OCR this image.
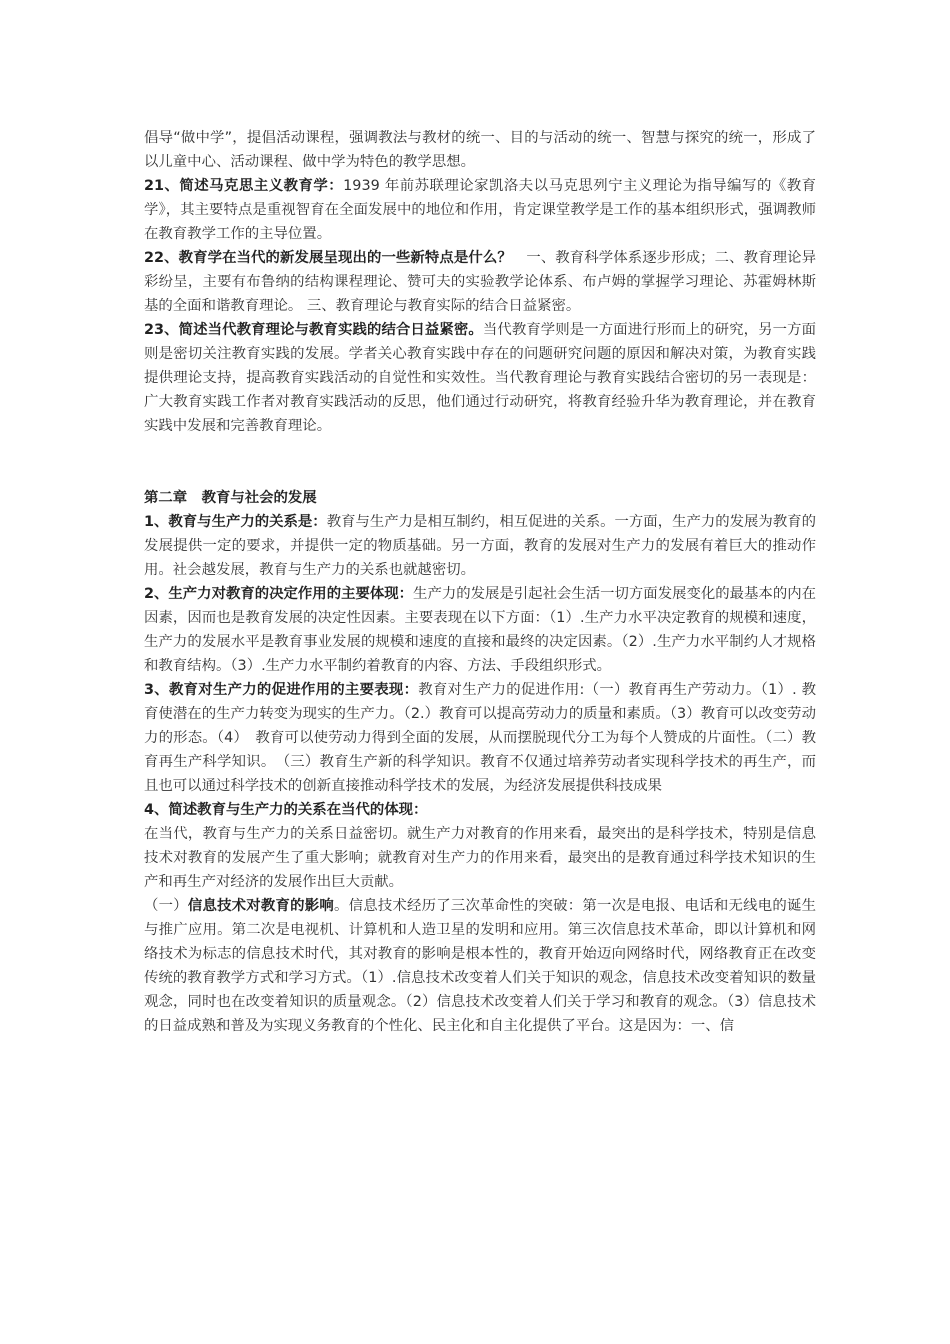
倡导“做中学”，提倡活动课程，强调教法与教材的统一、目的与活动的统一、智慧与探究的统一，形成了以儿童中心、活动课程、做中学为特色的教学思想。

21、简述马克思主义教育学：1939 年前苏联理论家凯洛夫以马克思列宁主义理论为指导编写的《教育学》，其主要特点是重视智育在全面发展中的地位和作用，肯定课堂教学是工作的基本组织形式，强调教师在教育教学工作的主导位置。

22、教育学在当代的新发展呈现出的一些新特点是什么？　一、教育科学体系逐步形成；二、教育理论异彩纷呈，主要有布鲁纳的结构课程理论、赞可夫的实验教学论体系、布卢姆的掌握学习理论、苏霍姆林斯基的全面和谐教育理论。 三、教育理论与教育实际的结合日益紧密。

23、简述当代教育理论与教育实践的结合日益紧密。当代教育学则是一方面进行形而上的研究，另一方面则是密切关注教育实践的发展。学者关心教育实践中存在的问题研究问题的原因和解决对策，为教育实践提供理论支持，提高教育实践活动的自觉性和实效性。当代教育理论与教育实践结合密切的另一表现是：广大教育实践工作者对教育实践活动的反思，他们通过行动研究，将教育经验升华为教育理论，并在教育实践中发展和完善教育理论。

第二章　教育与社会的发展

1、教育与生产力的关系是：教育与生产力是相互制约，相互促进的关系。一方面，生产力的发展为教育的发展提供一定的要求，并提供一定的物质基础。另一方面，教育的发展对生产力的发展有着巨大的推动作用。社会越发展，教育与生产力的关系也就越密切。

2、生产力对教育的决定作用的主要体现：生产力的发展是引起社会生活一切方面发展变化的最基本的内在因素，因而也是教育发展的决定性因素。主要表现在以下方面：（1）.生产力水平决定教育的规模和速度，生产力的发展水平是教育事业发展的规模和速度的直接和最终的决定因素。（2）.生产力水平制约人才规格和教育结构。（3）.生产力水平制约着教育的内容、方法、手段组织形式。

3、教育对生产力的促进作用的主要表现：教育对生产力的促进作用:（一）教育再生产劳动力。（1）. 教育使潜在的生产力转变为现实的生产力。（2.）教育可以提高劳动力的质量和素质。（3）教育可以改变劳动力的形态。（4）　教育可以使劳动力得到全面的发展，从而摆脱现代分工为每个人赞成的片面性。（二）教育再生产科学知识。　（三）教育生产新的科学知识。教育不仅通过培养劳动者实现科学技术的再生产，而且也可以通过科学技术的创新直接推动科学技术的发展，为经济发展提供科技成果

4、简述教育与生产力的关系在当代的体现：

在当代，教育与生产力的关系日益密切。就生产力对教育的作用来看，最突出的是科学技术，特别是信息技术对教育的发展产生了重大影响；就教育对生产力的作用来看，最突出的是教育通过科学技术知识的生产和再生产对经济的发展作出巨大贡献。

（一）信息技术对教育的影响。信息技术经历了三次革命性的突破：第一次是电报、电话和无线电的诞生与推广应用。第二次是电视机、计算机和人造卫星的发明和应用。第三次信息技术革命，即以计算机和网络技术为标志的信息技术时代，其对教育的影响是根本性的，教育开始迈向网络时代，网络教育正在改变传统的教育教学方式和学习方式。（1）.信息技术改变着人们关于知识的观念，信息技术改变着知识的数量观念，同时也在改变着知识的质量观念。（2）信息技术改变着人们关于学习和教育的观念。（3）信息技术的日益成熟和普及为实现义务教育的个性化、民主化和自主化提供了平台。这是因为：一、信
